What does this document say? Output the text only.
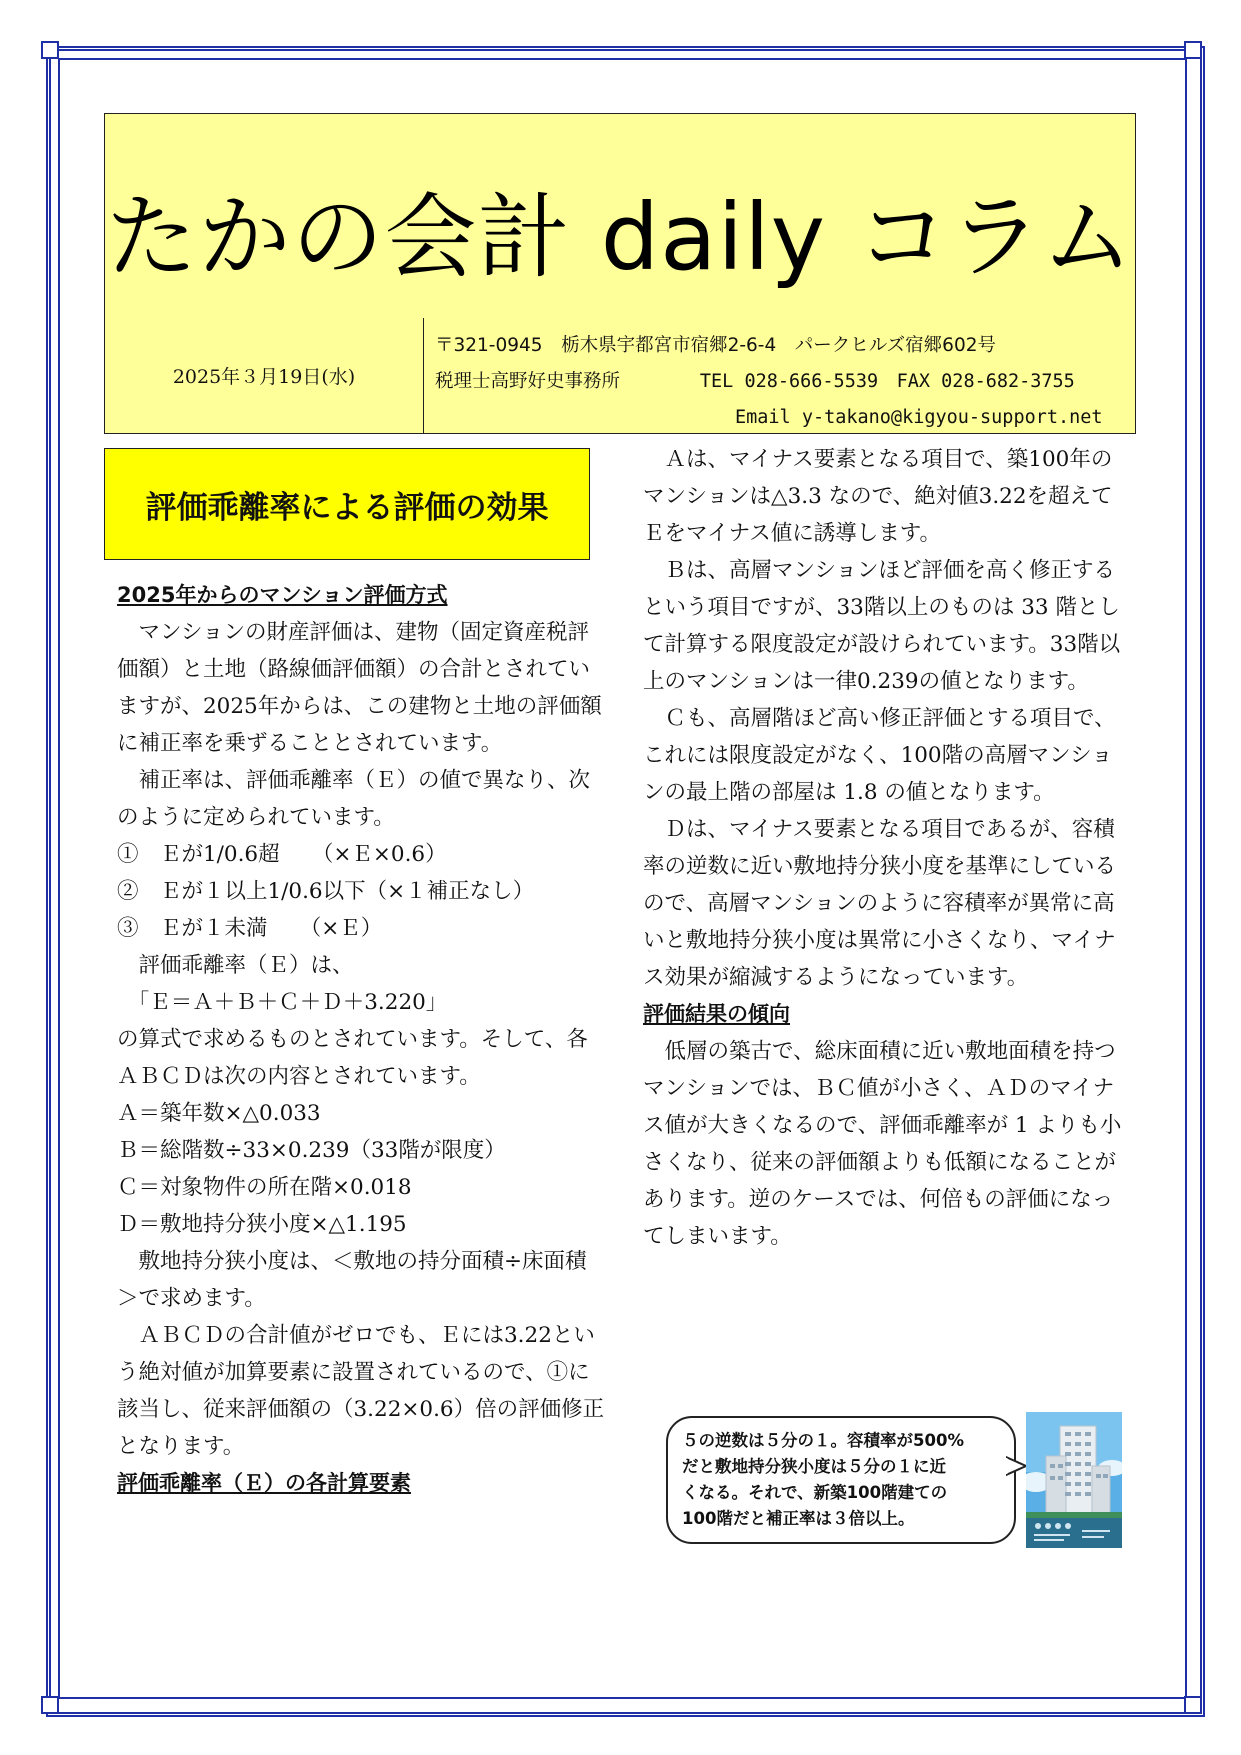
たかの会計 daily コラム
2025年３月19日(水)
〒321-0945　栃木県宇都宮市宿郷2-6-4　パークヒルズ宿郷602号
税理士高野好史事務所	TEL 028-666-5539　FAX 028-682-3755
Email y-takano@kigyou-support.net
評価乖離率による評価の効果

2025年からのマンション評価方式

　マンションの財産評価は、建物（固定資産税評価額）と土地（路線価評価額）の合計とされていますが、2025年からは、この建物と土地の評価額に補正率を乗ずることとされています。

　補正率は、評価乖離率（Ｅ）の値で異なり、次のように定められています。

①　Ｅが1/0.6超　　（×Ｅ×0.6）

②　Ｅが１以上1/0.6以下（×１補正なし）

③　Ｅが１未満　　（×Ｅ）

　評価乖離率（Ｅ）は、

　「Ｅ＝Ａ＋Ｂ＋Ｃ＋Ｄ＋3.220」

の算式で求めるものとされています。そして、各ＡＢＣＤは次の内容とされています。

Ａ＝築年数×△0.033

Ｂ＝総階数÷33×0.239（33階が限度）

Ｃ＝対象物件の所在階×0.018

Ｄ＝敷地持分狭小度×△1.195

　敷地持分狭小度は、＜敷地の持分面積÷床面積＞で求めます。

　ＡＢＣＤの合計値がゼロでも、Ｅには3.22という絶対値が加算要素に設置されているので、①に該当し、従来評価額の（3.22×0.6）倍の評価修正となります。

評価乖離率（Ｅ）の各計算要素

　Ａは、マイナス要素となる項目で、築100年のマンションは△3.3 なので、絶対値3.22を超えてＥをマイナス値に誘導します。

　Ｂは、高層マンションほど評価を高く修正するという項目ですが、33階以上のものは 33 階として計算する限度設定が設けられています。33階以上のマンションは一律0.239の値となります。

　Ｃも、高層階ほど高い修正評価とする項目で、これには限度設定がなく、100階の高層マンションの最上階の部屋は 1.8 の値となります。

　Ｄは、マイナス要素となる項目であるが、容積率の逆数に近い敷地持分狭小度を基準にしているので、高層マンションのように容積率が異常に高いと敷地持分狭小度は異常に小さくなり、マイナス効果が縮減するようになっています。

評価結果の傾向

　低層の築古で、総床面積に近い敷地面積を持つマンションでは、ＢＣ値が小さく、ＡＤのマイナス値が大きくなるので、評価乖離率が 1 よりも小さくなり、従来の評価額よりも低額になることがあります。逆のケースでは、何倍もの評価になってしまいます。

５の逆数は５分の１。容積率が500%
だと敷地持分狭小度は５分の１に近
くなる。それで、新築100階建ての
100階だと補正率は３倍以上。
